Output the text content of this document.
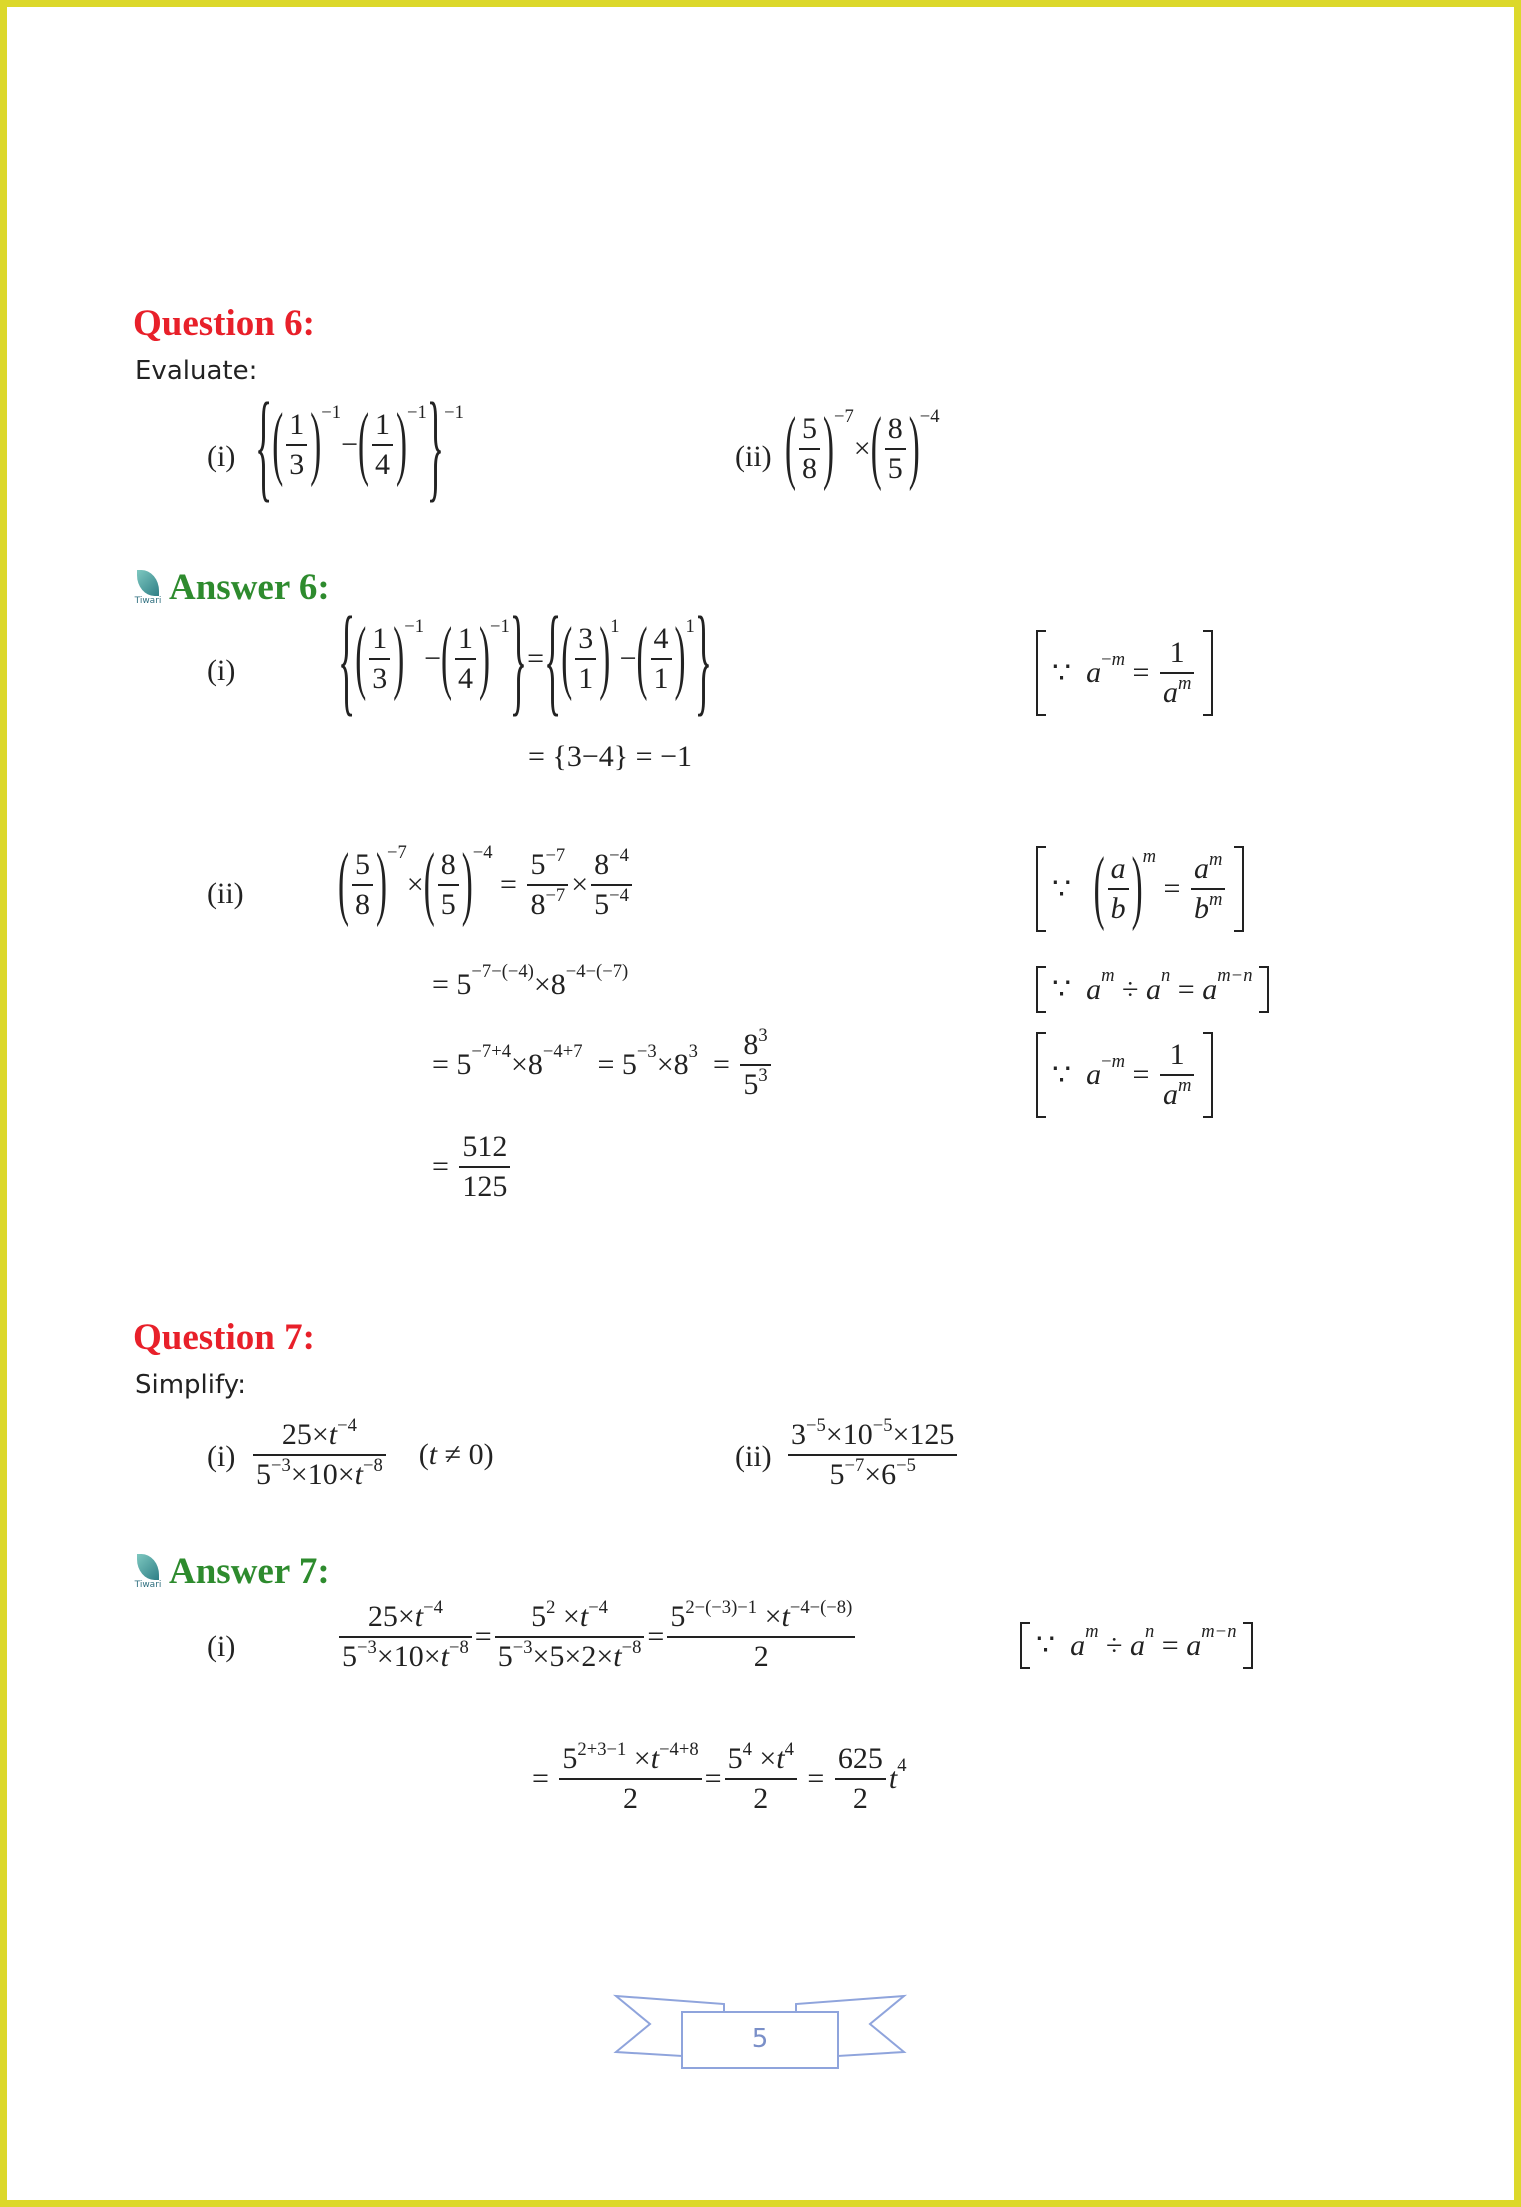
Question 6:
Evaluate:
(i) { ( $\frac{1}{3}$ ) −1
− ( $\frac{1}{4}$ ) −1 } −1
(ii) ( $\frac{5}{8}$ ) −7
× ( $\frac{8}{5}$ ) −4
Tiwari Answer 6:
(i)	{ ( $\frac{1}{3}$ ) −1
− ( $\frac{1}{4}$ ) −1 } = { ( $\frac{3}{1}$ ) 1
− ( $\frac{4}{1}$ ) 1 }	∵ $a - m = \frac{1}{\text{a m}}$
= { 3−4 } = −1
(ii)	( $\frac{5}{8}$ ) −7
× ( $\frac{8}{5}$ ) −4
= $\frac{5 -7}{8 -7} \times \frac{8 -4}{5 -4}$	∵ ( $\frac{a}{b}$ ) m
= $\frac{\text{a m}}{\text{b m}}$
= 5 −7−(−4) ×8 −4−(−7)
∵ a m ÷ a n = a m−n
= 5 −7+4 ×8 −4+7 = 5 −3 ×8 $3 = \frac{8 3}{5 3}$	∵ $a - m = \frac{1}{\text{a m}}$
= $\frac{512}{125}$
Question 7:
Simplify:
$(i) \frac{25\times t -4}{5 -3 \times 10\times t -8}$ ( t ≠ 0)	$(ii) \frac{3 -5 \times 10 -5 \times 125}{5 -7 \times 6 -5}$
Tiwari Answer 7:
(i)	$\frac{25\times t -4}{5 -3 \times 10\times t -8} = \frac{5 2 \times t -4}{5 -3 \times 5\times 2\times t -8} = \frac{5 2-(-3)-1 \times t -4-(-8)}{2}$	∵ a m ÷ a n = a m−n
= $\frac{5 2+3-1 \times t -4+8}{2} = \frac{5 4 \times t 4}{2} = \frac{625}{2}$ t 4
5
